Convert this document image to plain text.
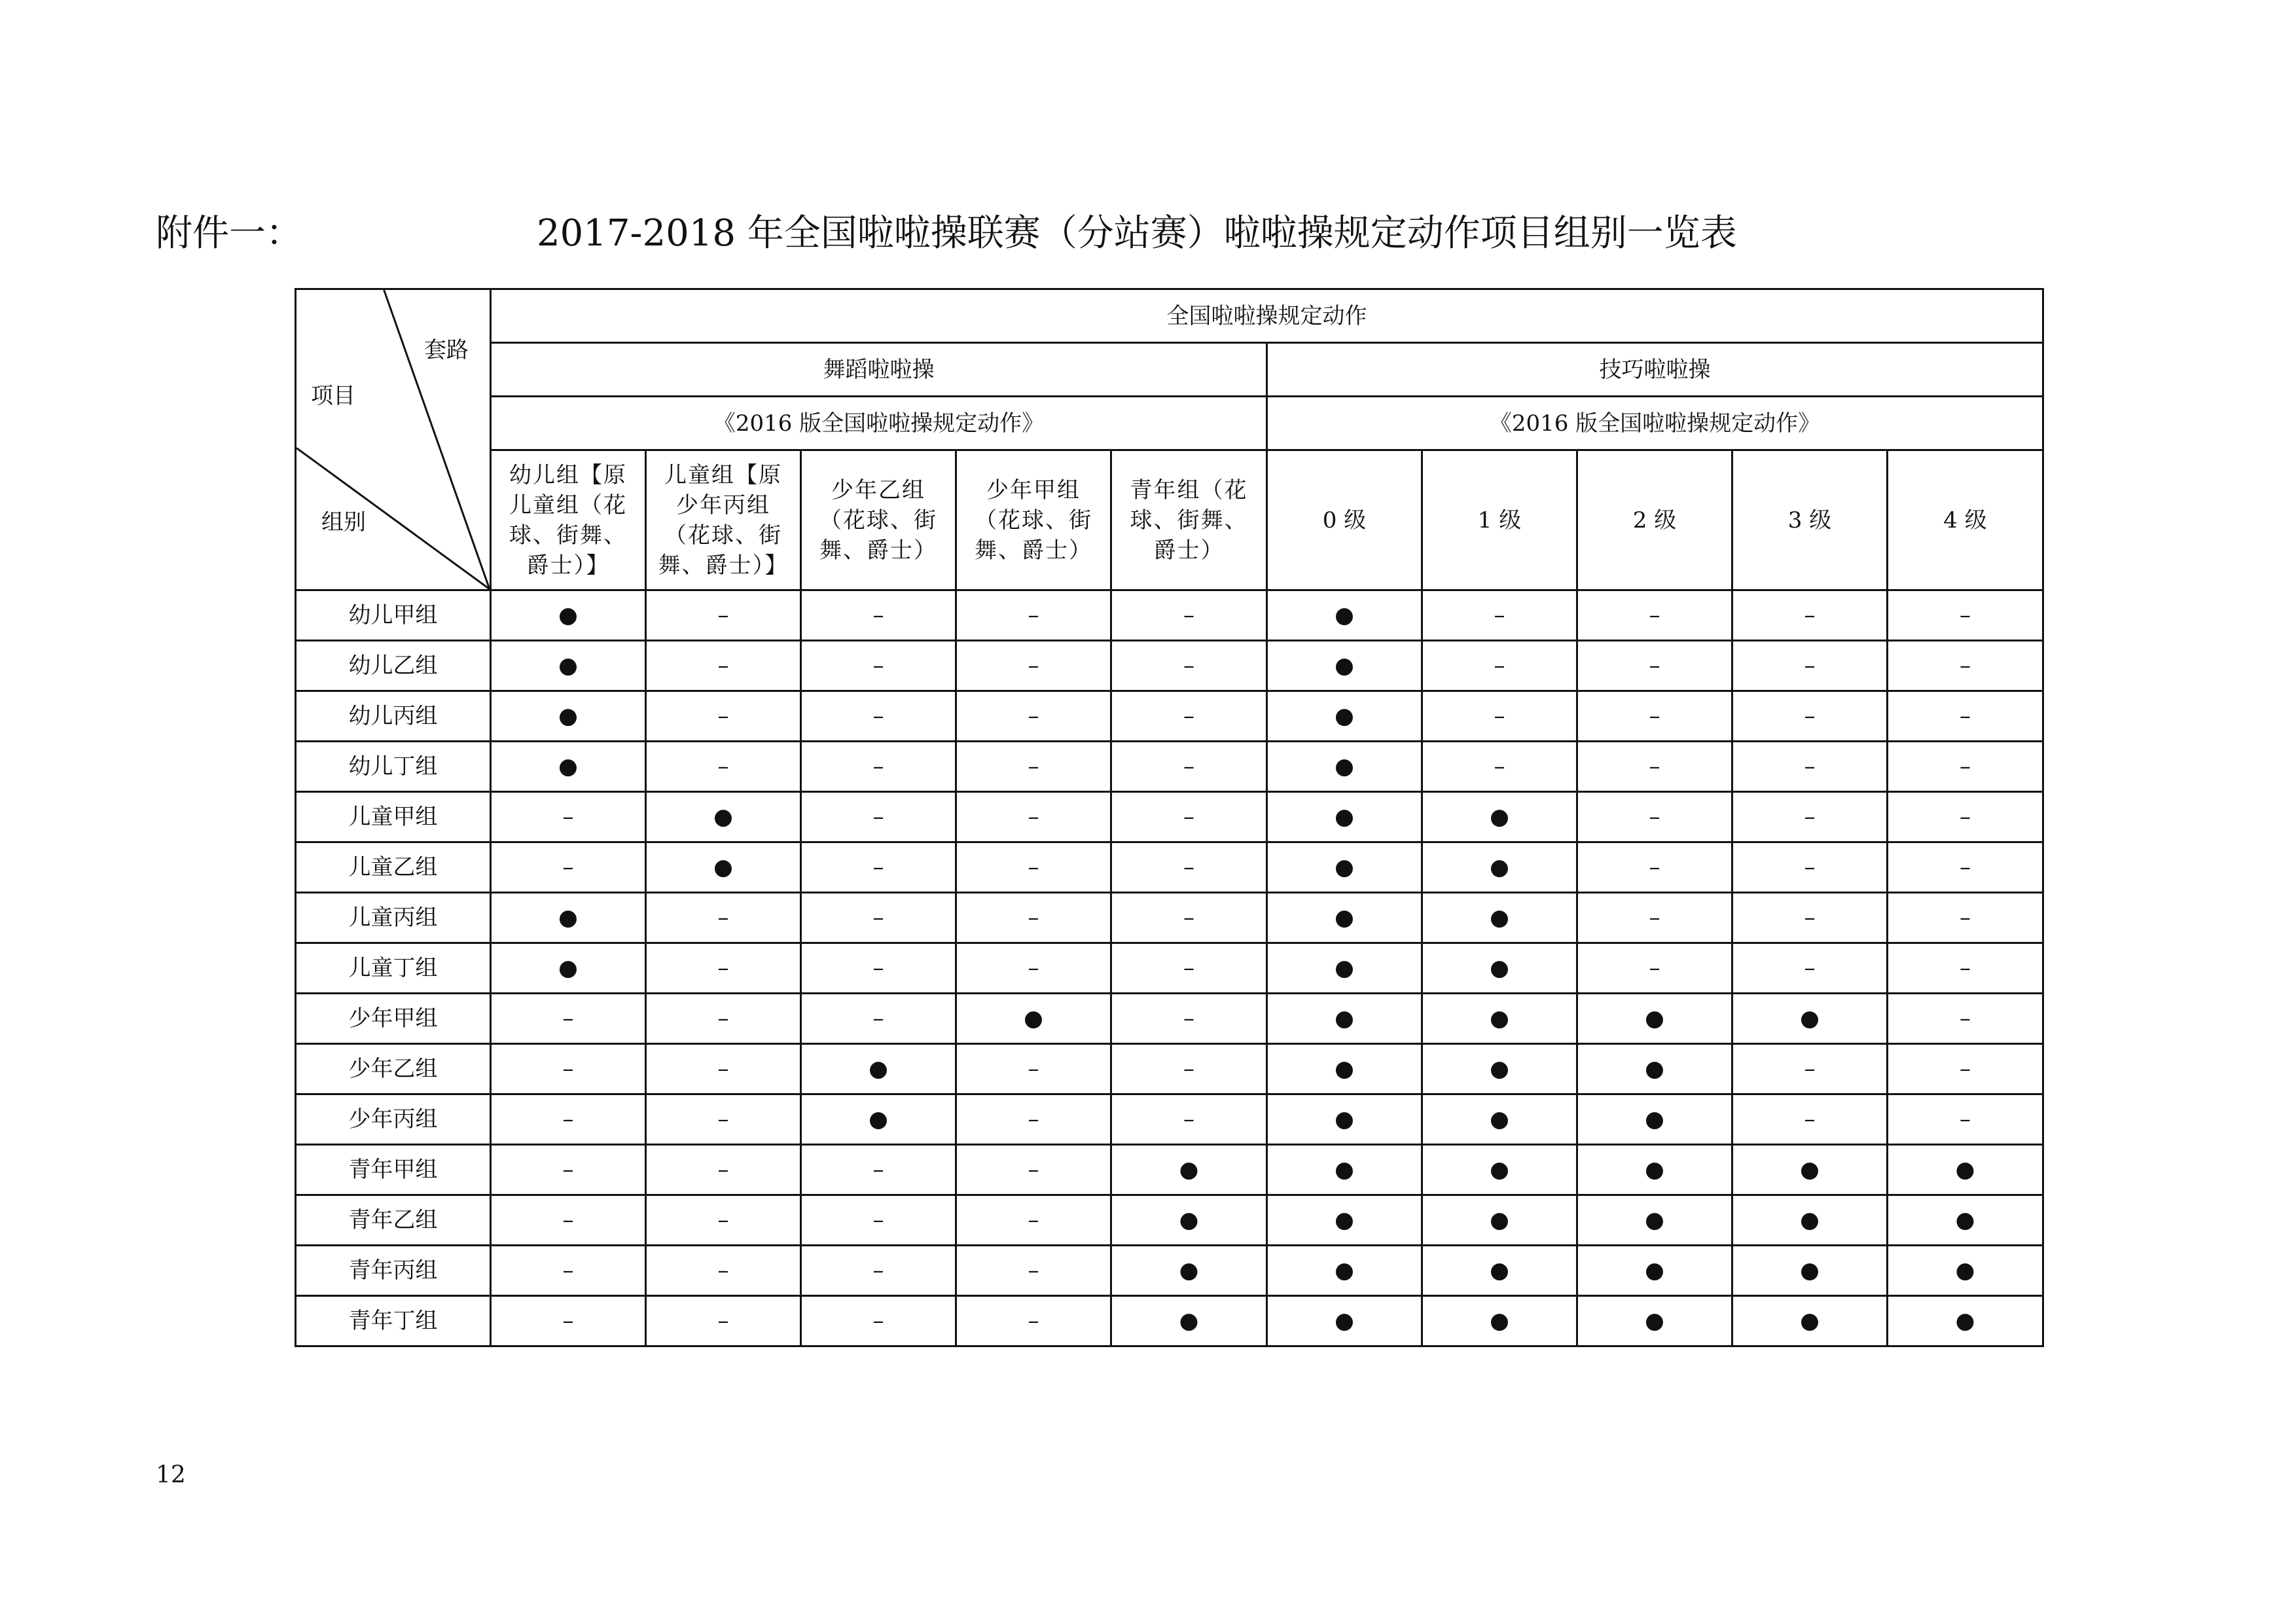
附件一：	2017-2018 年全国啦啦操联赛（分站赛）啦啦操规定动作项目组别一览表
套路
项目
组别	全国啦啦操规定动作									
	舞蹈啦啦操					技巧啦啦操				
	《2016 版全国啦啦操规定动作》					《2016 版全国啦啦操规定动作》				
	幼儿组【原儿童组（花球、街舞、爵士）】	儿童组【原少年丙组（花球、街舞、爵士）】	少年乙组（花球、街舞、爵士）	少年甲组（花球、街舞、爵士）	青年组（花球、街舞、爵士）	0 级	1 级	2 级	3 级	4 级
幼儿甲组	●	–	–	–	–	●	–	–	–	–
幼儿乙组	●	–	–	–	–	●	–	–	–	–
幼儿丙组	●	–	–	–	–	●	–	–	–	–
幼儿丁组	●	–	–	–	–	●	–	–	–	–
儿童甲组	–	●	–	–	–	●	●	–	–	–
儿童乙组	–	●	–	–	–	●	●	–	–	–
儿童丙组	●	–	–	–	–	●	●	–	–	–
儿童丁组	●	–	–	–	–	●	●	–	–	–
少年甲组	–	–	–	●	–	●	●	●	●	–
少年乙组	–	–	●	–	–	●	●	●	–	–
少年丙组	–	–	●	–	–	●	●	●	–	–
青年甲组	–	–	–	–	●	●	●	●	●	●
青年乙组	–	–	–	–	●	●	●	●	●	●
青年丙组	–	–	–	–	●	●	●	●	●	●
青年丁组	–	–	–	–	●	●	●	●	●	●
12
